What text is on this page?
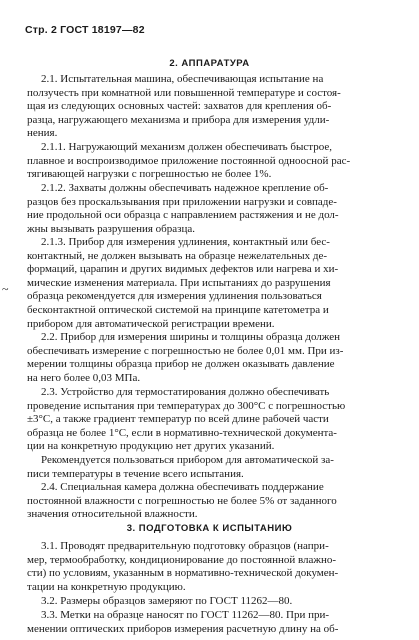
Стр. 2 ГОСТ 18197—82
2. АППАРАТУРА
2.1. Испытательная машина, обеспечивающая испытание на
ползучесть при комнатной или повышенной температуре и состоя-
щая из следующих основных частей: захватов для крепления об-
разца, нагружающего механизма и прибора для измерения удли-
нения.
2.1.1. Нагружающий механизм должен обеспечивать быстрое,
плавное и воспроизводимое приложение постоянной одноосной рас-
тягивающей нагрузки с погрешностью не более 1%.
2.1.2. Захваты должны обеспечивать надежное крепление об-
разцов без проскальзывания при приложении нагрузки и совпаде-
ние продольной оси образца с направлением растяжения и не дол-
жны вызывать разрушения образца.
~
2.1.3. Прибор для измерения удлинения, контактный или бес-
контактный, не должен вызывать на образце нежелательных де-
формаций, царапин и других видимых дефектов или нагрева и хи-
мические изменения материала. При испытаниях до разрушения
образца рекомендуется для измерения удлинения пользоваться
бесконтактной оптической системой на принципе катетометра и
прибором для автоматической регистрации времени.
2.2. Прибор для измерения ширины и толщины образца должен
обеспечивать измерение с погрешностью не более 0,01 мм. При из-
мерении толщины образца прибор не должен оказывать давление
на него более 0,03 МПа.
2.3. Устройство для термостатирования должно обеспечивать
проведение испытания при температурах до 300°С с погрешностью
±3°С, а также градиент температур по всей длине рабочей части
образца не более 1°С, если в нормативно-технической документа-
ции на конкретную продукцию нет других указаний.
Рекомендуется пользоваться прибором для автоматической за-
писи температуры в течение всего испытания.
2.4. Специальная камера должна обеспечивать поддержание
постоянной влажности с погрешностью не более 5% от заданного
значения относительной влажности.
3. ПОДГОТОВКА К ИСПЫТАНИЮ
3.1. Проводят предварительную подготовку образцов (напри-
мер, термообработку, кондиционирование до постоянной влажно-
сти) по условиям, указанным в нормативно-технической докумен-
тации на конкретную продукцию.
3.2. Размеры образцов замеряют по ГОСТ 11262—80.
3.3. Метки на образце наносят по ГОСТ 11262—80. При при-
менении оптических приборов измерения расчетную длину на об-
